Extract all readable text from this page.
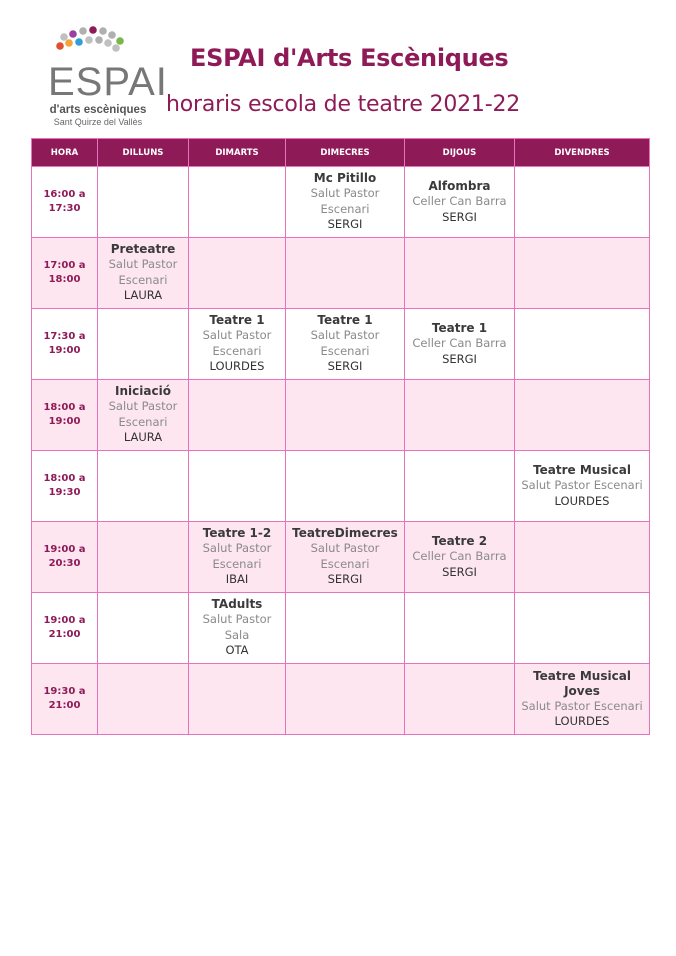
ESPAI
d'arts escèniques
Sant Quirze del Vallès
ESPAI d'Arts Escèniques
horaris escola de teatre 2021-22
HORA	DILLUNS	DIMARTS	DIMECRES	DIJOUS	DIVENDRES
16:00 a 17:30			Mc Pitillo
Salut Pastor Escenari
SERGI	Alfombra
Celler Can Barra
SERGI	

17:00 a 18:00	Preteatre
Salut Pastor Escenari
LAURA				

17:30 a 19:00		Teatre 1
Salut Pastor Escenari
LOURDES	Teatre 1
Salut Pastor Escenari
SERGI	Teatre 1
Celler Can Barra
SERGI	

18:00 a 19:00	Iniciació
Salut Pastor Escenari
LAURA				

18:00 a 19:30					Teatre Musical
Salut Pastor Escenari
LOURDES

19:00 a 20:30		Teatre 1-2
Salut Pastor Escenari
IBAI	TeatreDimecres
Salut Pastor Escenari
SERGI	Teatre 2
Celler Can Barra
SERGI	

19:00 a 21:00		TAdults
Salut Pastor Sala
OTA			

19:30 a 21:00					Teatre Musical Joves
Salut Pastor Escenari
LOURDES
